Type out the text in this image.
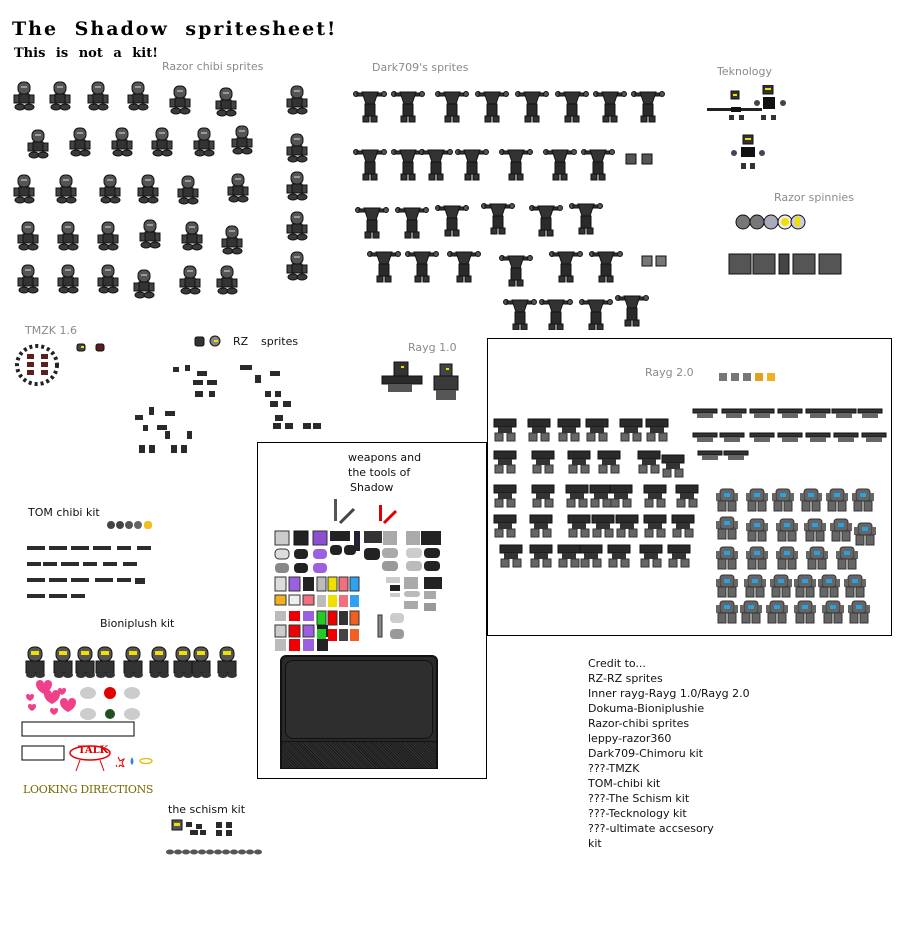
The Shadow spritesheet!
This is not a kit!
Razor chibi sprites	Dark709's sprites	Teknology
Razor spinnies
TMZK 1.6
RZ sprites	Rayg 1.0
TOM chibi kit
Bioniplush kit
LOOKING DIRECTIONS
the schism kit
Rayg 2.0
weapons and
the tools of
Shadow
TALK
Credit to...
RZ-RZ sprites
Inner rayg-Rayg 1.0/Rayg 2.0
Dokuma-Bioniplushie
Razor-chibi sprites
leppy-razor360
Dark709-Chimoru kit
???-TMZK
TOM-chibi kit
???-The Schism kit
???-Tecknology kit
???-ultimate accsesory
kit
